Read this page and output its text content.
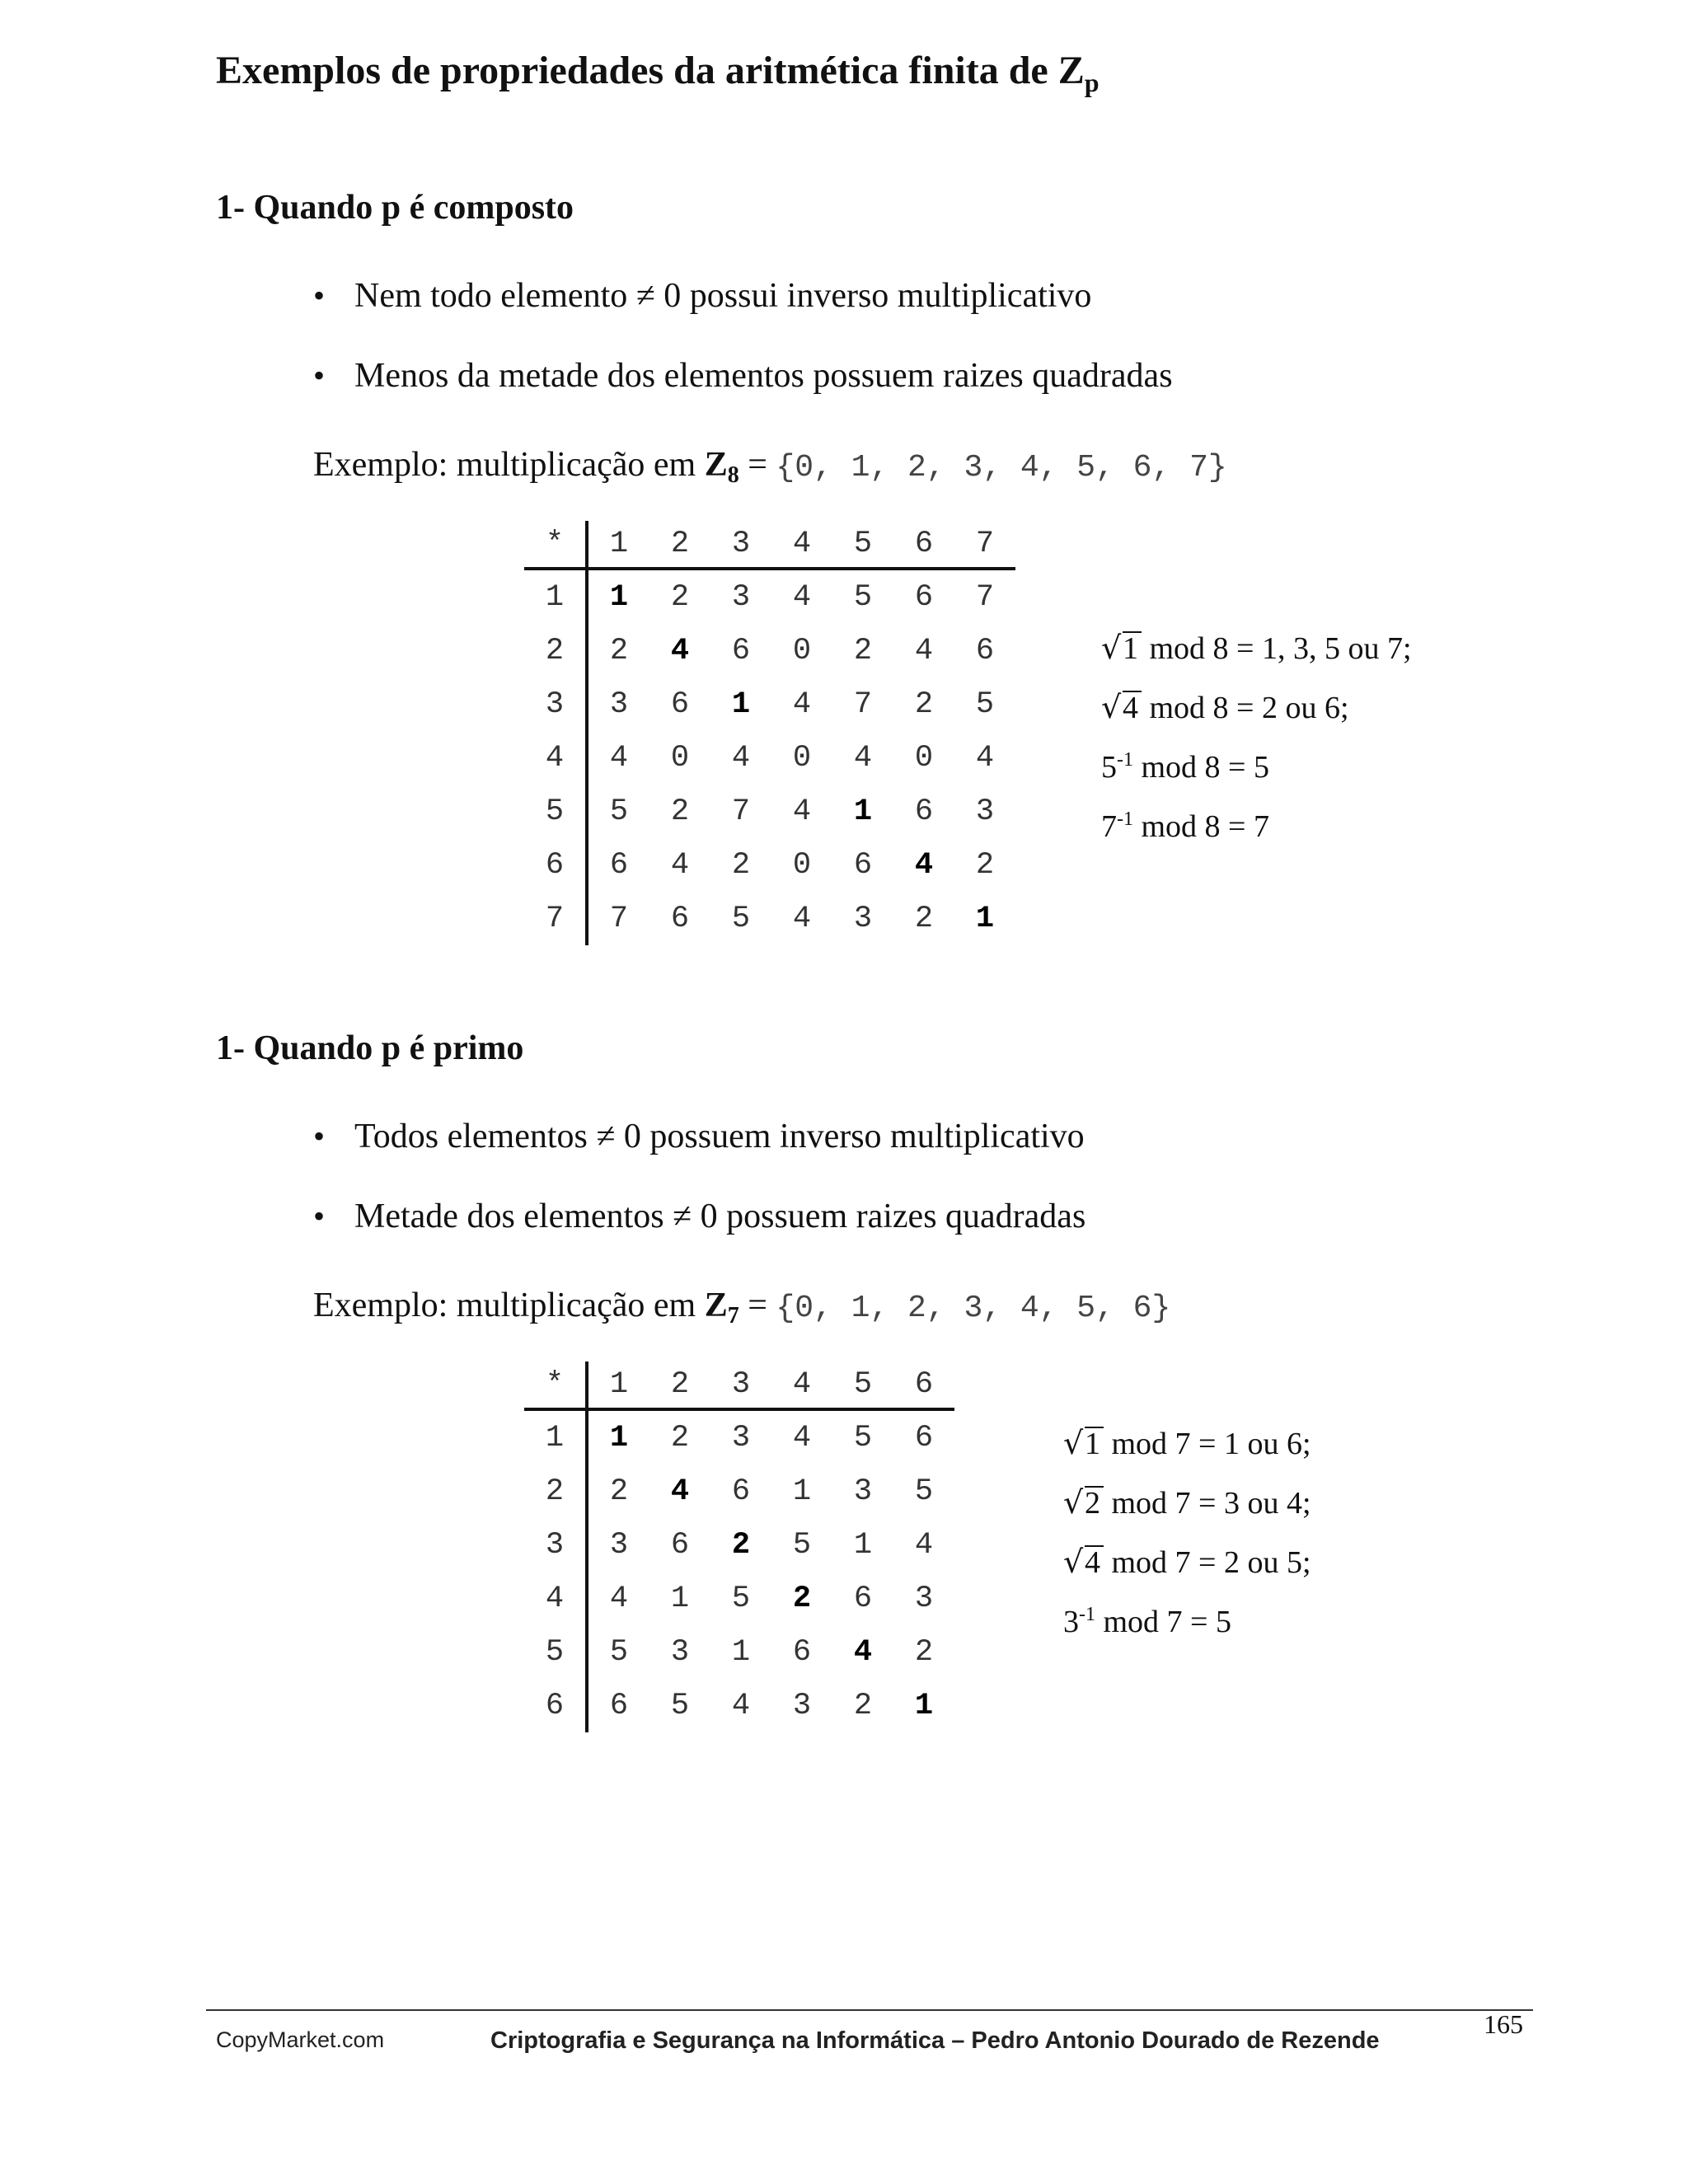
Exemplos de propriedades da aritmética finita de $Z_p$
1- Quando p é composto
• Nem todo elemento ≠ 0 possui inverso multiplicativo
• Menos da metade dos elementos possuem raizes quadradas
Exemplo: multiplicação em $Z_8 = \{0$, 1, 2, 3, 4, 5, 6, 7}
*	1	2	3	4	5	6	7
1	1	2	3	4	5	6	7
2	2	4	6	0	2	4	6
3	3	6	1	4	7	2	5
4	4	0	4	0	4	0	4
5	5	2	7	4	1	6	3
6	6	4	2	0	6	4	2
7	7	6	5	4	3	2	1
√ 1 mod 8 = 1, 3, 5 ou 7;
√ 4 mod 8 = 2 ou 6;
$5^{-1}$ mod 8 = 5
$7^{-1}$ mod 8 = 7
1- Quando p é primo
• Todos elementos ≠ 0 possuem inverso multiplicativo
• Metade dos elementos ≠ 0 possuem raizes quadradas
Exemplo: multiplicação em $Z_7 = \{0$, 1, 2, 3, 4, 5, 6}
*	1	2	3	4	5	6
1	1	2	3	4	5	6
2	2	4	6	1	3	5
3	3	6	2	5	1	4
4	4	1	5	2	6	3
5	5	3	1	6	4	2
6	6	5	4	3	2	1
√ 1 mod 7 = 1 ou 6;
√ 2 mod 7 = 3 ou 4;
√ 4 mod 7 = 2 ou 5;
$3^{-1}$ mod 7 = 5
CopyMarket.com	Criptografia e Segurança na Informática – Pedro Antonio Dourado de Rezende
165
